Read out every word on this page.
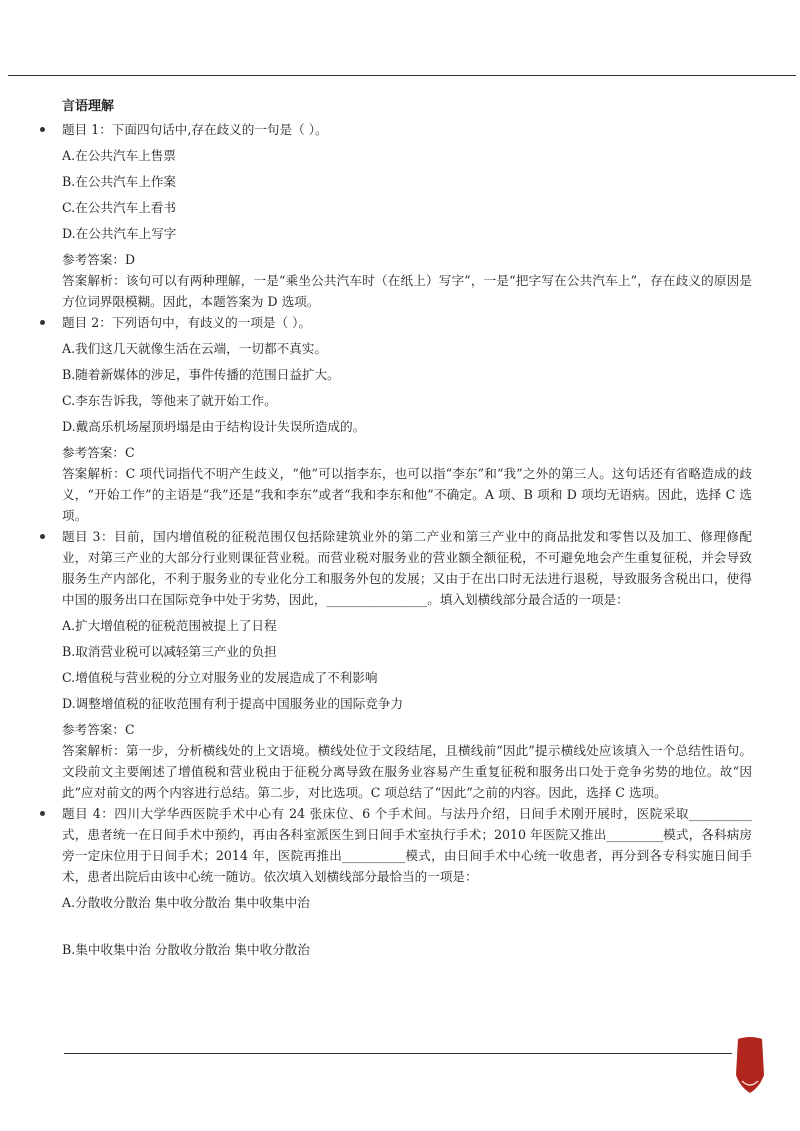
言语理解

题目 1：下面四句话中,存在歧义的一句是（ ）。

A.在公共汽车上售票

B.在公共汽车上作案

C.在公共汽车上看书

D.在公共汽车上写字

参考答案：D

答案解析：该句可以有两种理解，一是“乘坐公共汽车时（在纸上）写字”，一是“把字写在公共汽车上”，存在歧义的原因是方位词界限模糊。因此，本题答案为 D 选项。

题目 2：下列语句中，有歧义的一项是（ ）。

A.我们这几天就像生活在云端，一切都不真实。

B.随着新媒体的涉足，事件传播的范围日益扩大。

C.李东告诉我，等他来了就开始工作。

D.戴高乐机场屋顶坍塌是由于结构设计失误所造成的。

参考答案：C

答案解析：C 项代词指代不明产生歧义，“他”可以指李东，也可以指“李东”和“我”之外的第三人。这句话还有省略造成的歧义，“开始工作”的主语是“我”还是“我和李东”或者“我和李东和他”不确定。A 项、B 项和 D 项均无语病。因此，选择 C 选项。

题目 3：目前，国内增值税的征税范围仅包括除建筑业外的第二产业和第三产业中的商品批发和零售以及加工、修理修配业，对第三产业的大部分行业则课征营业税。而营业税对服务业的营业额全额征税，不可避免地会产生重复征税，并会导致服务生产内部化，不利于服务业的专业化分工和服务外包的发展；又由于在出口时无法进行退税，导致服务含税出口，使得中国的服务出口在国际竞争中处于劣势，因此，________________。填入划横线部分最合适的一项是：

A.扩大增值税的征税范围被提上了日程

B.取消营业税可以减轻第三产业的负担

C.增值税与营业税的分立对服务业的发展造成了不利影响

D.调整增值税的征收范围有利于提高中国服务业的国际竞争力

参考答案：C

答案解析：第一步，分析横线处的上文语境。横线处位于文段结尾，且横线前“因此”提示横线处应该填入一个总结性语句。文段前文主要阐述了增值税和营业税由于征税分离导致在服务业容易产生重复征税和服务出口处于竞争劣势的地位。故“因此”应对前文的两个内容进行总结。第二步，对比选项。C 项总结了“因此”之前的内容。因此，选择 C 选项。

题目 4：四川大学华西医院手术中心有 24 张床位、6 个手术间。与法丹介绍，日间手术刚开展时，医院采取__________式，患者统一在日间手术中预约，再由各科室派医生到日间手术室执行手术；2010 年医院又推出_________模式，各科病房旁一定床位用于日间手术；2014 年，医院再推出__________模式，由日间手术中心统一收患者，再分到各专科实施日间手术，患者出院后由该中心统一随访。依次填入划横线部分最恰当的一项是：

A.分散收分散治 集中收分散治 集中收集中治

B.集中收集中治 分散收分散治 集中收分散治
